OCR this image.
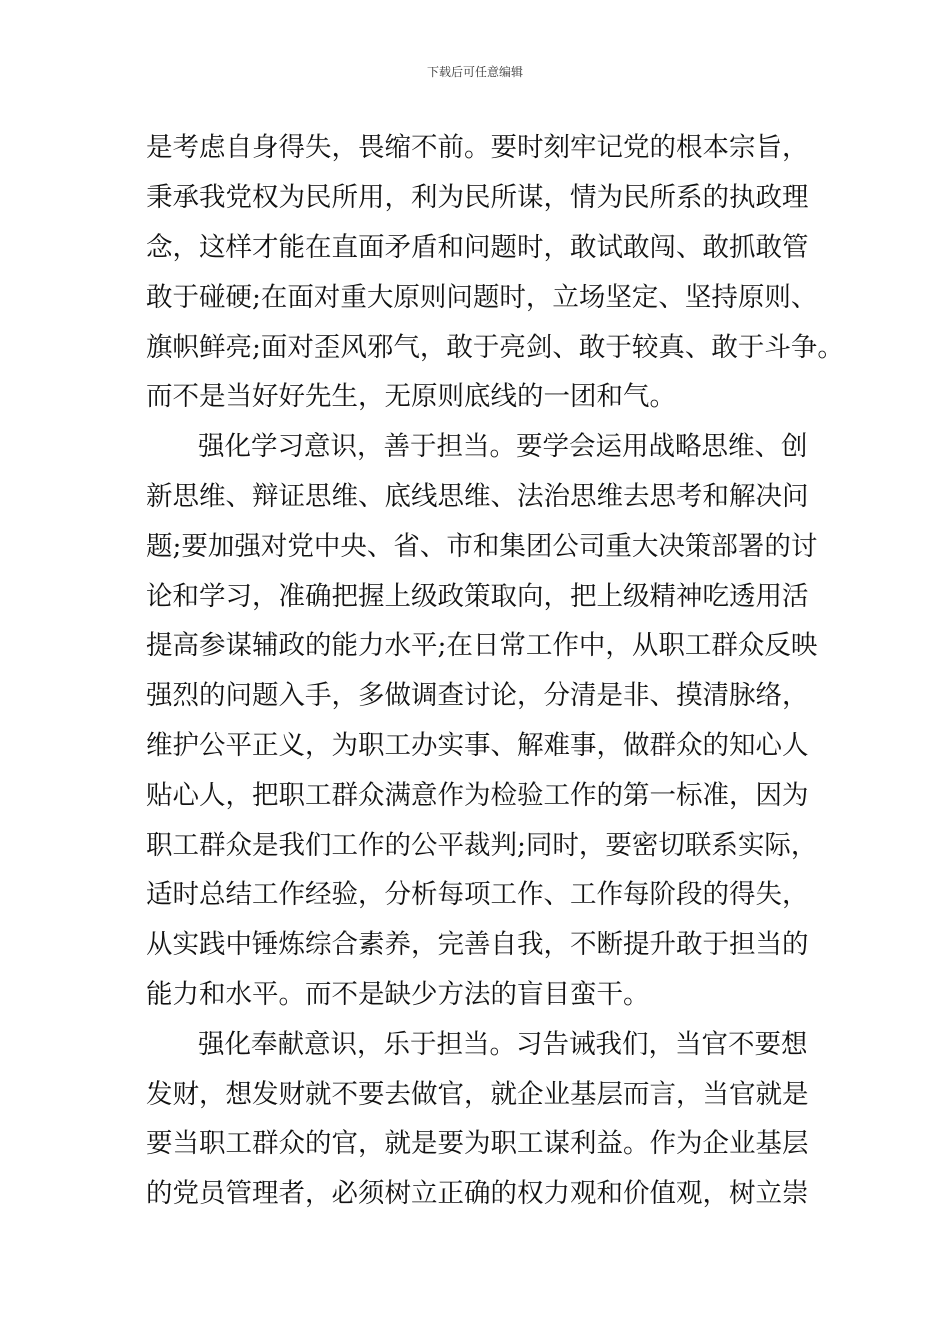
下载后可任意编辑
是考虑自身得失，畏缩不前。要时刻牢记党的根本宗旨，
秉承我党权为民所用，利为民所谋，情为民所系的执政理
念，这样才能在直面矛盾和问题时，敢试敢闯、敢抓敢管
敢于碰硬;在面对重大原则问题时，立场坚定、坚持原则、
旗帜鲜亮;面对歪风邪气，敢于亮剑、敢于较真、敢于斗争。
而不是当好好先生，无原则底线的一团和气。
强化学习意识，善于担当。要学会运用战略思维、创
新思维、辩证思维、底线思维、法治思维去思考和解决问
题;要加强对党中央、省、市和集团公司重大决策部署的讨
论和学习，准确把握上级政策取向，把上级精神吃透用活
提高参谋辅政的能力水平;在日常工作中，从职工群众反映
强烈的问题入手，多做调查讨论，分清是非、摸清脉络，
维护公平正义，为职工办实事、解难事，做群众的知心人
贴心人，把职工群众满意作为检验工作的第一标准，因为
职工群众是我们工作的公平裁判;同时，要密切联系实际，
适时总结工作经验，分析每项工作、工作每阶段的得失，
从实践中锤炼综合素养，完善自我，不断提升敢于担当的
能力和水平。而不是缺少方法的盲目蛮干。
强化奉献意识，乐于担当。习告诫我们，当官不要想
发财，想发财就不要去做官，就企业基层而言，当官就是
要当职工群众的官，就是要为职工谋利益。作为企业基层
的党员管理者，必须树立正确的权力观和价值观，树立崇
